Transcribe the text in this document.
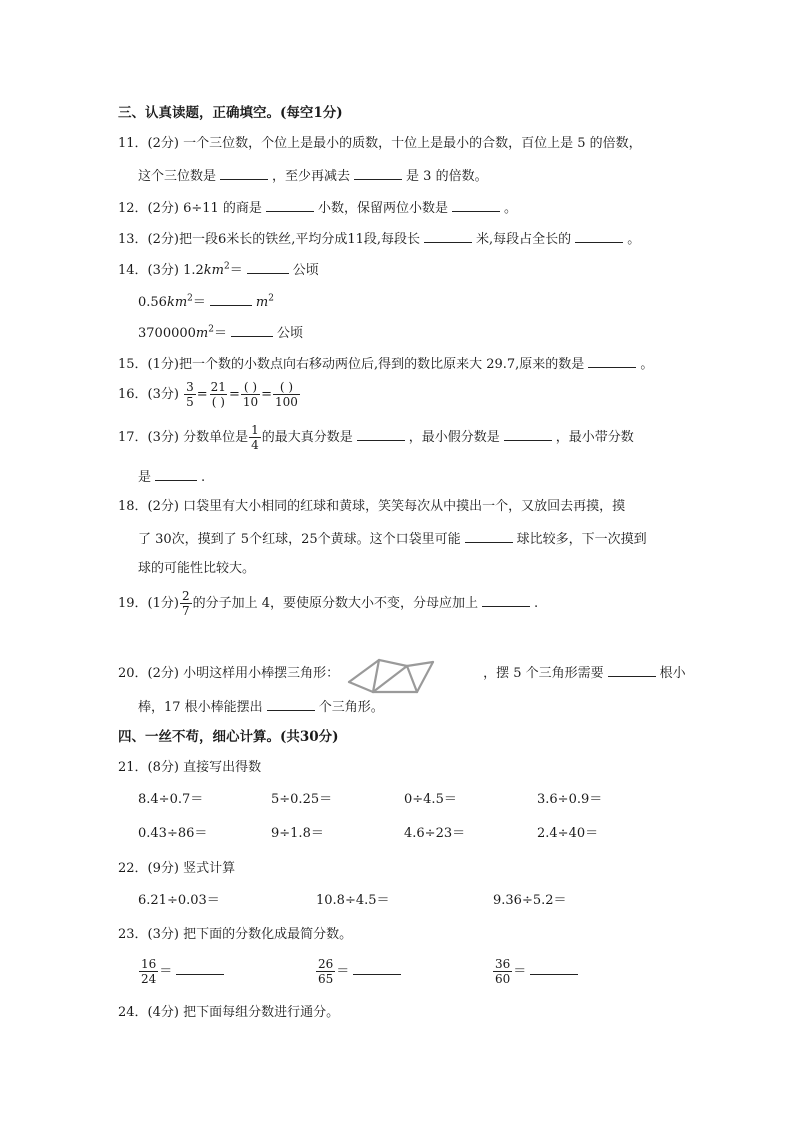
三、认真读题，正确填空。(每空1分)
11．(2分) 一个三位数，个位上是最小的质数，十位上是最小的合数，百位上是 5 的倍数，
这个三位数是	，至少再减去	是 3 的倍数。
12．(2分) 6÷11 的商是	小数，保留两位小数是	。
13．(2分)把一段6米长的铁丝,平均分成11段,每段长	米,每段占全长的	。
14．(3分) $1.2km^2=$	公顷
$0.56km^2=$	$m^2$
$3700000m^2=$	公顷
15．(1分)把一个数的小数点向右移动两位后,得到的数比原来大 29.7,原来的数是	。
16．(3分) $\frac{3}{5} = \frac{21}{( )} = \frac{( )}{10} = \frac{( )}{100}$
17．(3分) 分数单位是 $\frac{1}{4}$ 的最大真分数是	，最小假分数是	，最小带分数
是	.
18．(2分) 口袋里有大小相同的红球和黄球，笑笑每次从中摸出一个，又放回去再摸，摸
了 30次，摸到了 5个红球，25个黄球。这个口袋里可能	球比较多，下一次摸到
球的可能性比较大。
19．(1分) $\frac{2}{7}$ 的分子加上 4，要使原分数大小不变，分母应加上	.
20．(2分) 小明这样用小棒摆三角形：	，摆 5 个三角形需要	根小
棒，17 根小棒能摆出	个三角形。
四、一丝不苟，细心计算。(共30分)
21．(8分) 直接写出得数
8.4÷0.7＝	5÷0.25＝	0÷4.5＝	3.6÷0.9＝
0.43÷86＝	9÷1.8＝	4.6÷23＝	2.4÷40＝
22．(9分) 竖式计算
6.21÷0.03＝	10.8÷4.5＝	9.36÷5.2＝
23．(3分) 把下面的分数化成最简分数。
$\frac{16}{24}$ ＝	$\frac{26}{65}$ ＝	$\frac{36}{60}$ ＝
24．(4分) 把下面每组分数进行通分。
